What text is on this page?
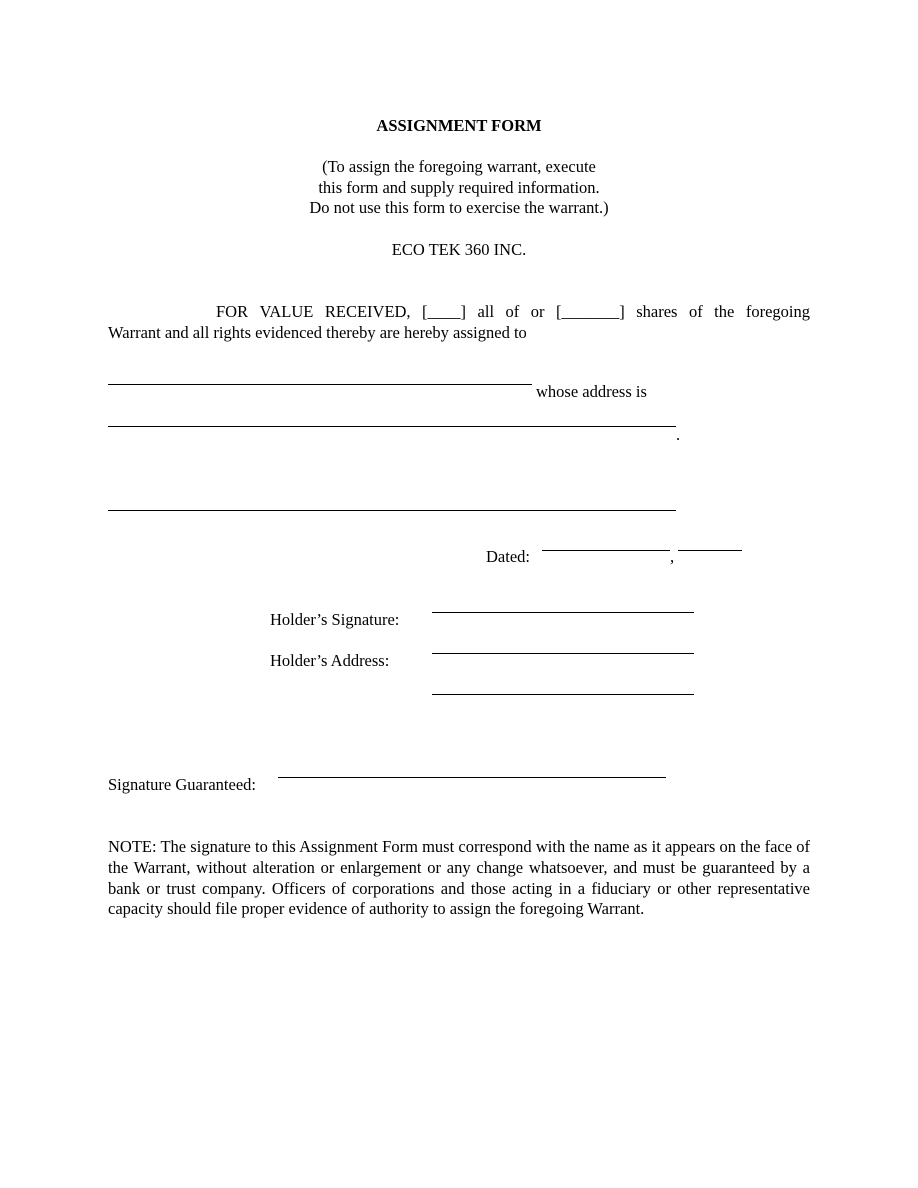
ASSIGNMENT FORM
(To assign the foregoing warrant, execute
this form and supply required information.
Do not use this form to exercise the warrant.)
ECO TEK 360 INC.
FOR VALUE RECEIVED, [____] all of or [_______] shares of the foregoing
Warrant and all rights evidenced thereby are hereby assigned to
whose address is
.
Dated:	,
Holder’s Signature:
Holder’s Address:
Signature Guaranteed:
NOTE: The signature to this Assignment Form must correspond with the name as it appears on the face of the Warrant, without alteration or enlargement or any change whatsoever, and must be guaranteed by a bank or trust company. Officers of corporations and those acting in a fiduciary or other representative capacity should file proper evidence of authority to assign the foregoing Warrant.
